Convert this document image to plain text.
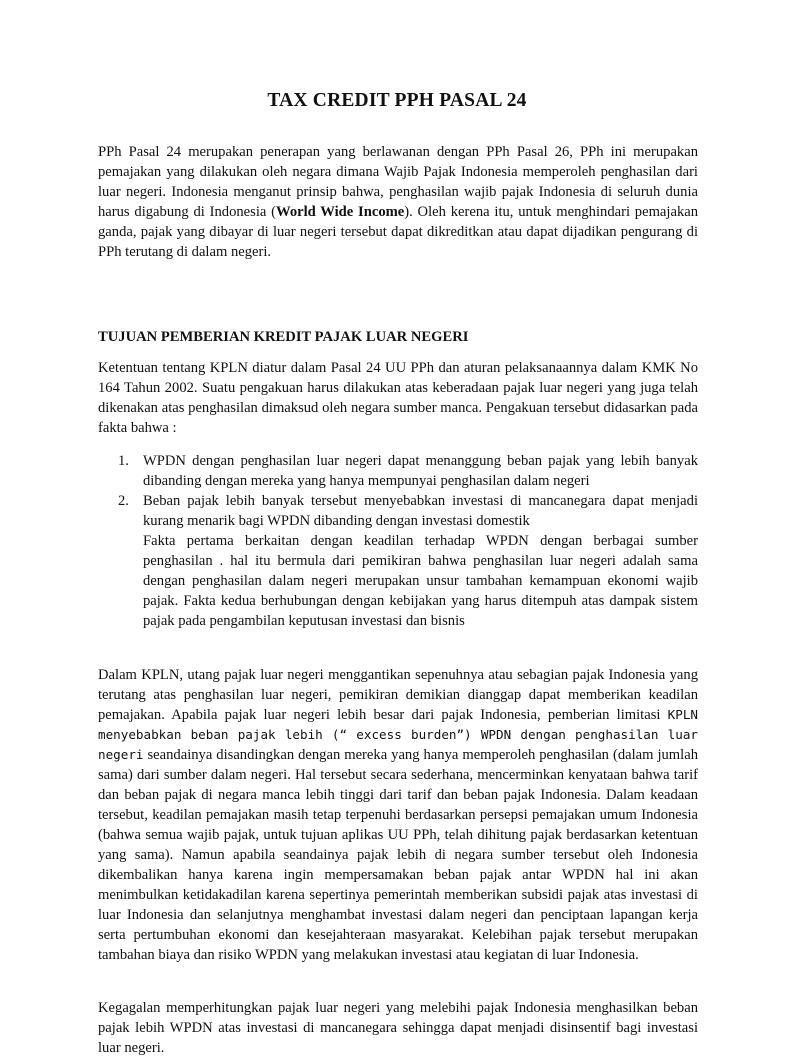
TAX CREDIT PPH PASAL 24

PPh Pasal 24 merupakan penerapan yang berlawanan dengan PPh Pasal 26, PPh ini merupakan pemajakan yang dilakukan oleh negara dimana Wajib Pajak Indonesia memperoleh penghasilan dari luar negeri. Indonesia menganut prinsip bahwa, penghasilan wajib pajak Indonesia di seluruh dunia harus digabung di Indonesia (World Wide Income). Oleh kerena itu, untuk menghindari pemajakan ganda, pajak yang dibayar di luar negeri tersebut dapat dikreditkan atau dapat dijadikan pengurang di PPh terutang di dalam negeri.

TUJUAN PEMBERIAN KREDIT PAJAK LUAR NEGERI

Ketentuan tentang KPLN diatur dalam Pasal 24 UU PPh dan aturan pelaksanaannya dalam KMK No 164 Tahun 2002. Suatu pengakuan harus dilakukan atas keberadaan pajak luar negeri yang juga telah dikenakan atas penghasilan dimaksud oleh negara sumber manca. Pengakuan tersebut didasarkan pada fakta bahwa :

1. WPDN dengan penghasilan luar negeri dapat menanggung beban pajak yang lebih banyak dibanding dengan mereka yang hanya mempunyai penghasilan dalam negeri
2. Beban pajak lebih banyak tersebut menyebabkan investasi di mancanegara dapat menjadi kurang menarik bagi WPDN dibanding dengan investasi domestik
Fakta pertama berkaitan dengan keadilan terhadap WPDN dengan berbagai sumber penghasilan . hal itu bermula dari pemikiran bahwa penghasilan luar negeri adalah sama dengan penghasilan dalam negeri merupakan unsur tambahan kemampuan ekonomi wajib pajak. Fakta kedua berhubungan dengan kebijakan yang harus ditempuh atas dampak sistem pajak pada pengambilan keputusan investasi dan bisnis

Dalam KPLN, utang pajak luar negeri menggantikan sepenuhnya atau sebagian pajak Indonesia yang terutang atas penghasilan luar negeri, pemikiran demikian dianggap dapat memberikan keadilan pemajakan. Apabila pajak luar negeri lebih besar dari pajak Indonesia, pemberian limitasi KPLN menyebabkan beban pajak lebih (“ excess burden”) WPDN dengan penghasilan luar negeri seandainya disandingkan dengan mereka yang hanya memperoleh penghasilan (dalam jumlah sama) dari sumber dalam negeri. Hal tersebut secara sederhana, mencerminkan kenyataan bahwa tarif dan beban pajak di negara manca lebih tinggi dari tarif dan beban pajak Indonesia. Dalam keadaan tersebut, keadilan pemajakan masih tetap terpenuhi berdasarkan persepsi pemajakan umum Indonesia (bahwa semua wajib pajak, untuk tujuan aplikas UU PPh, telah dihitung pajak berdasarkan ketentuan yang sama). Namun apabila seandainya pajak lebih di negara sumber tersebut oleh Indonesia dikembalikan hanya karena ingin mempersamakan beban pajak antar WPDN hal ini akan menimbulkan ketidakadilan karena sepertinya pemerintah memberikan subsidi pajak atas investasi di luar Indonesia dan selanjutnya menghambat investasi dalam negeri dan penciptaan lapangan kerja serta pertumbuhan ekonomi dan kesejahteraan masyarakat. Kelebihan pajak tersebut merupakan tambahan biaya dan risiko WPDN yang melakukan investasi atau kegiatan di luar Indonesia.

Kegagalan memperhitungkan pajak luar negeri yang melebihi pajak Indonesia menghasilkan beban pajak lebih WPDN atas investasi di mancanegara sehingga dapat menjadi disinsentif bagi investasi luar negeri.
